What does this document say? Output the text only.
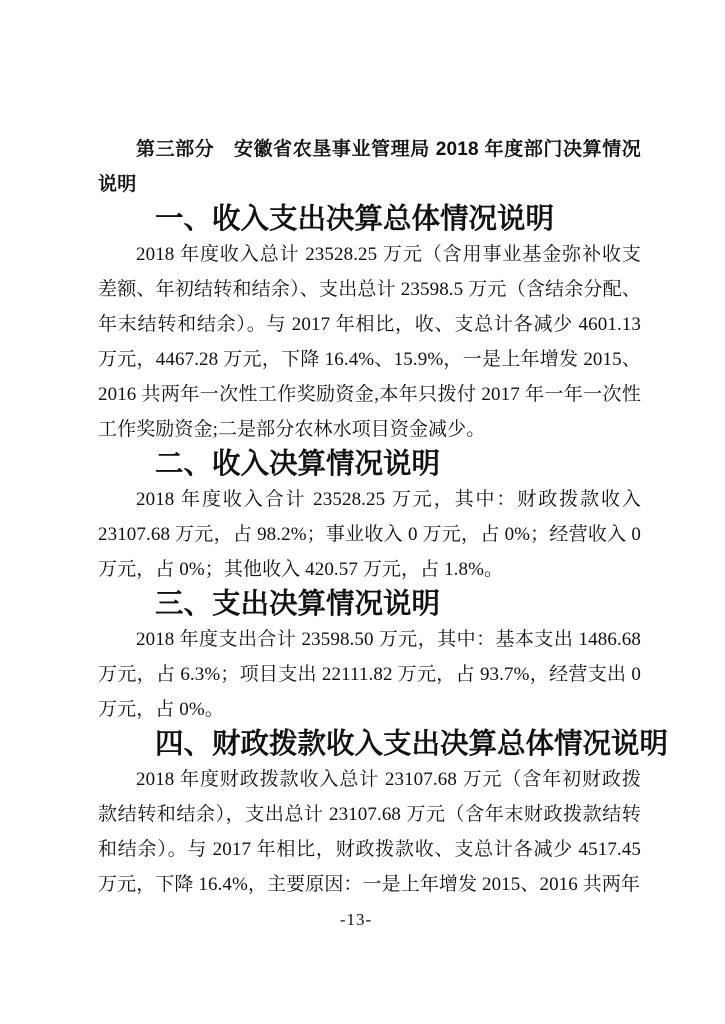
第三部分　安徽省农垦事业管理局 2018 年度部门决算情况说明

一、收入支出决算总体情况说明

2018 年度收入总计 23528.25 万元（含用事业基金弥补收支差额、年初结转和结余）、支出总计 23598.5 万元（含结余分配、年末结转和结余）。与 2017 年相比，收、支总计各减少 4601.13 万元，4467.28 万元，下降 16.4%、15.9%，一是上年增发 2015、2016 共两年一次性工作奖励资金,本年只拨付 2017 年一年一次性工作奖励资金;二是部分农林水项目资金减少。

二、收入决算情况说明

2018 年度收入合计 23528.25 万元，其中：财政拨款收入 23107.68 万元，占 98.2%；事业收入 0 万元，占 0%；经营收入 0 万元，占 0%；其他收入 420.57 万元，占 1.8%。

三、支出决算情况说明

2018 年度支出合计 23598.50 万元，其中：基本支出 1486.68 万元，占 6.3%；项目支出 22111.82 万元，占 93.7%，经营支出 0 万元，占 0%。

四、财政拨款收入支出决算总体情况说明

2018 年度财政拨款收入总计 23107.68 万元（含年初财政拨款结转和结余），支出总计 23107.68 万元（含年末财政拨款结转和结余）。与 2017 年相比，财政拨款收、支总计各减少 4517.45 万元，下降 16.4%，主要原因：一是上年增发 2015、2016 共两年

-13-
